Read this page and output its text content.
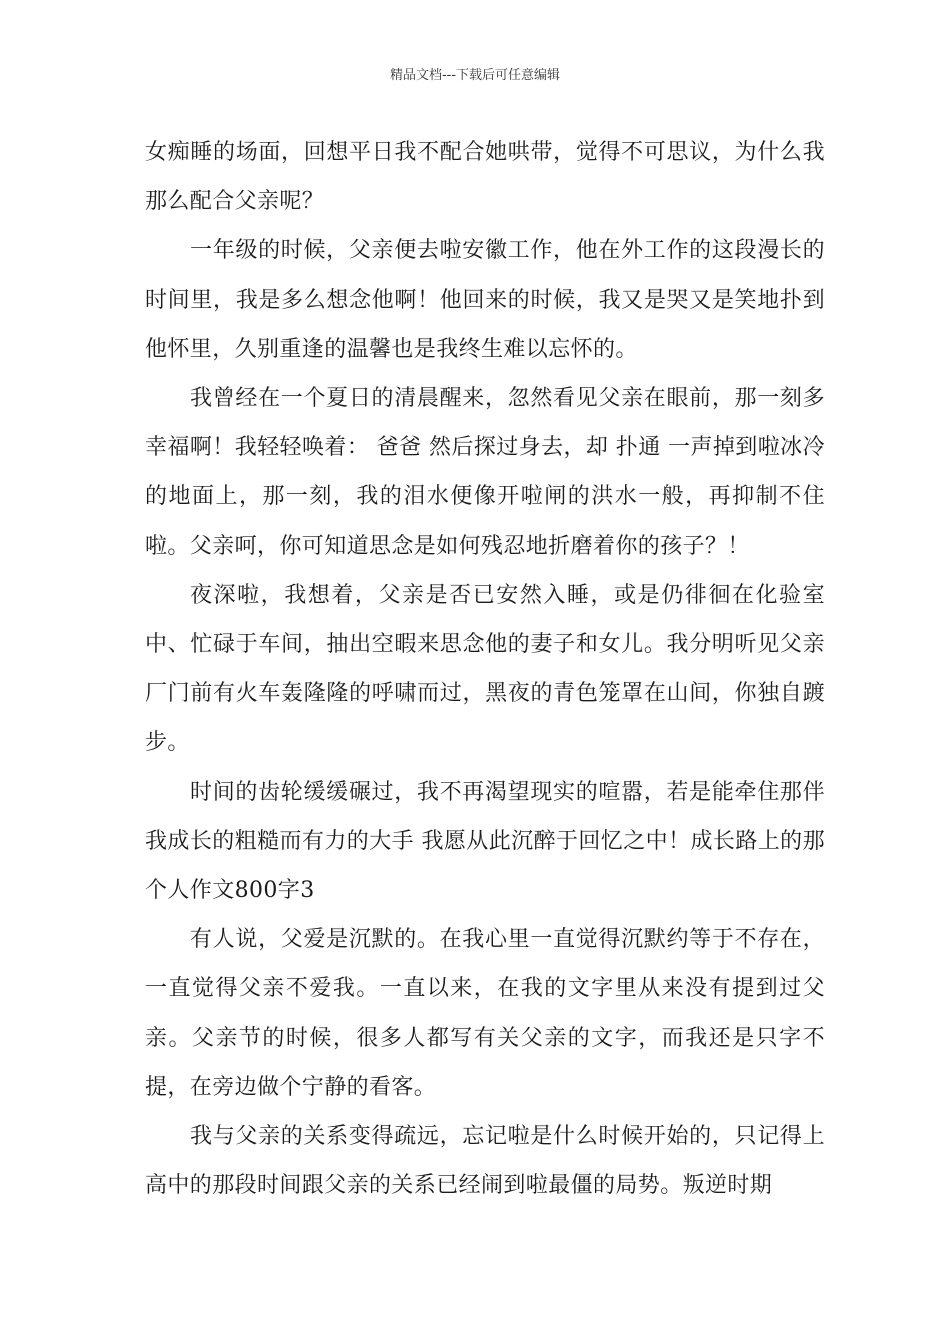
精品文档---下载后可任意编辑

女痴睡的场面，回想平日我不配合她哄带，觉得不可思议，为什么我那么配合父亲呢？

一年级的时候，父亲便去啦安徽工作，他在外工作的这段漫长的时间里，我是多么想念他啊！他回来的时候，我又是哭又是笑地扑到他怀里，久别重逢的温馨也是我终生难以忘怀的。

我曾经在一个夏日的清晨醒来，忽然看见父亲在眼前，那一刻多幸福啊！我轻轻唤着： 爸爸 然后探过身去，却 扑通 一声掉到啦冰冷的地面上，那一刻，我的泪水便像开啦闸的洪水一般，再抑制不住啦。父亲呵，你可知道思念是如何残忍地折磨着你的孩子？！

夜深啦，我想着，父亲是否已安然入睡，或是仍徘徊在化验室中、忙碌于车间，抽出空暇来思念他的妻子和女儿。我分明听见父亲厂门前有火车轰隆隆的呼啸而过，黑夜的青色笼罩在山间，你独自踱步。

时间的齿轮缓缓碾过，我不再渴望现实的喧嚣，若是能牵住那伴我成长的粗糙而有力的大手 我愿从此沉醉于回忆之中！成长路上的那个人作文800字3

有人说，父爱是沉默的。在我心里一直觉得沉默约等于不存在，一直觉得父亲不爱我。一直以来，在我的文字里从来没有提到过父亲。父亲节的时候，很多人都写有关父亲的文字，而我还是只字不提，在旁边做个宁静的看客。

我与父亲的关系变得疏远，忘记啦是什么时候开始的，只记得上高中的那段时间跟父亲的关系已经闹到啦最僵的局势。叛逆时期
